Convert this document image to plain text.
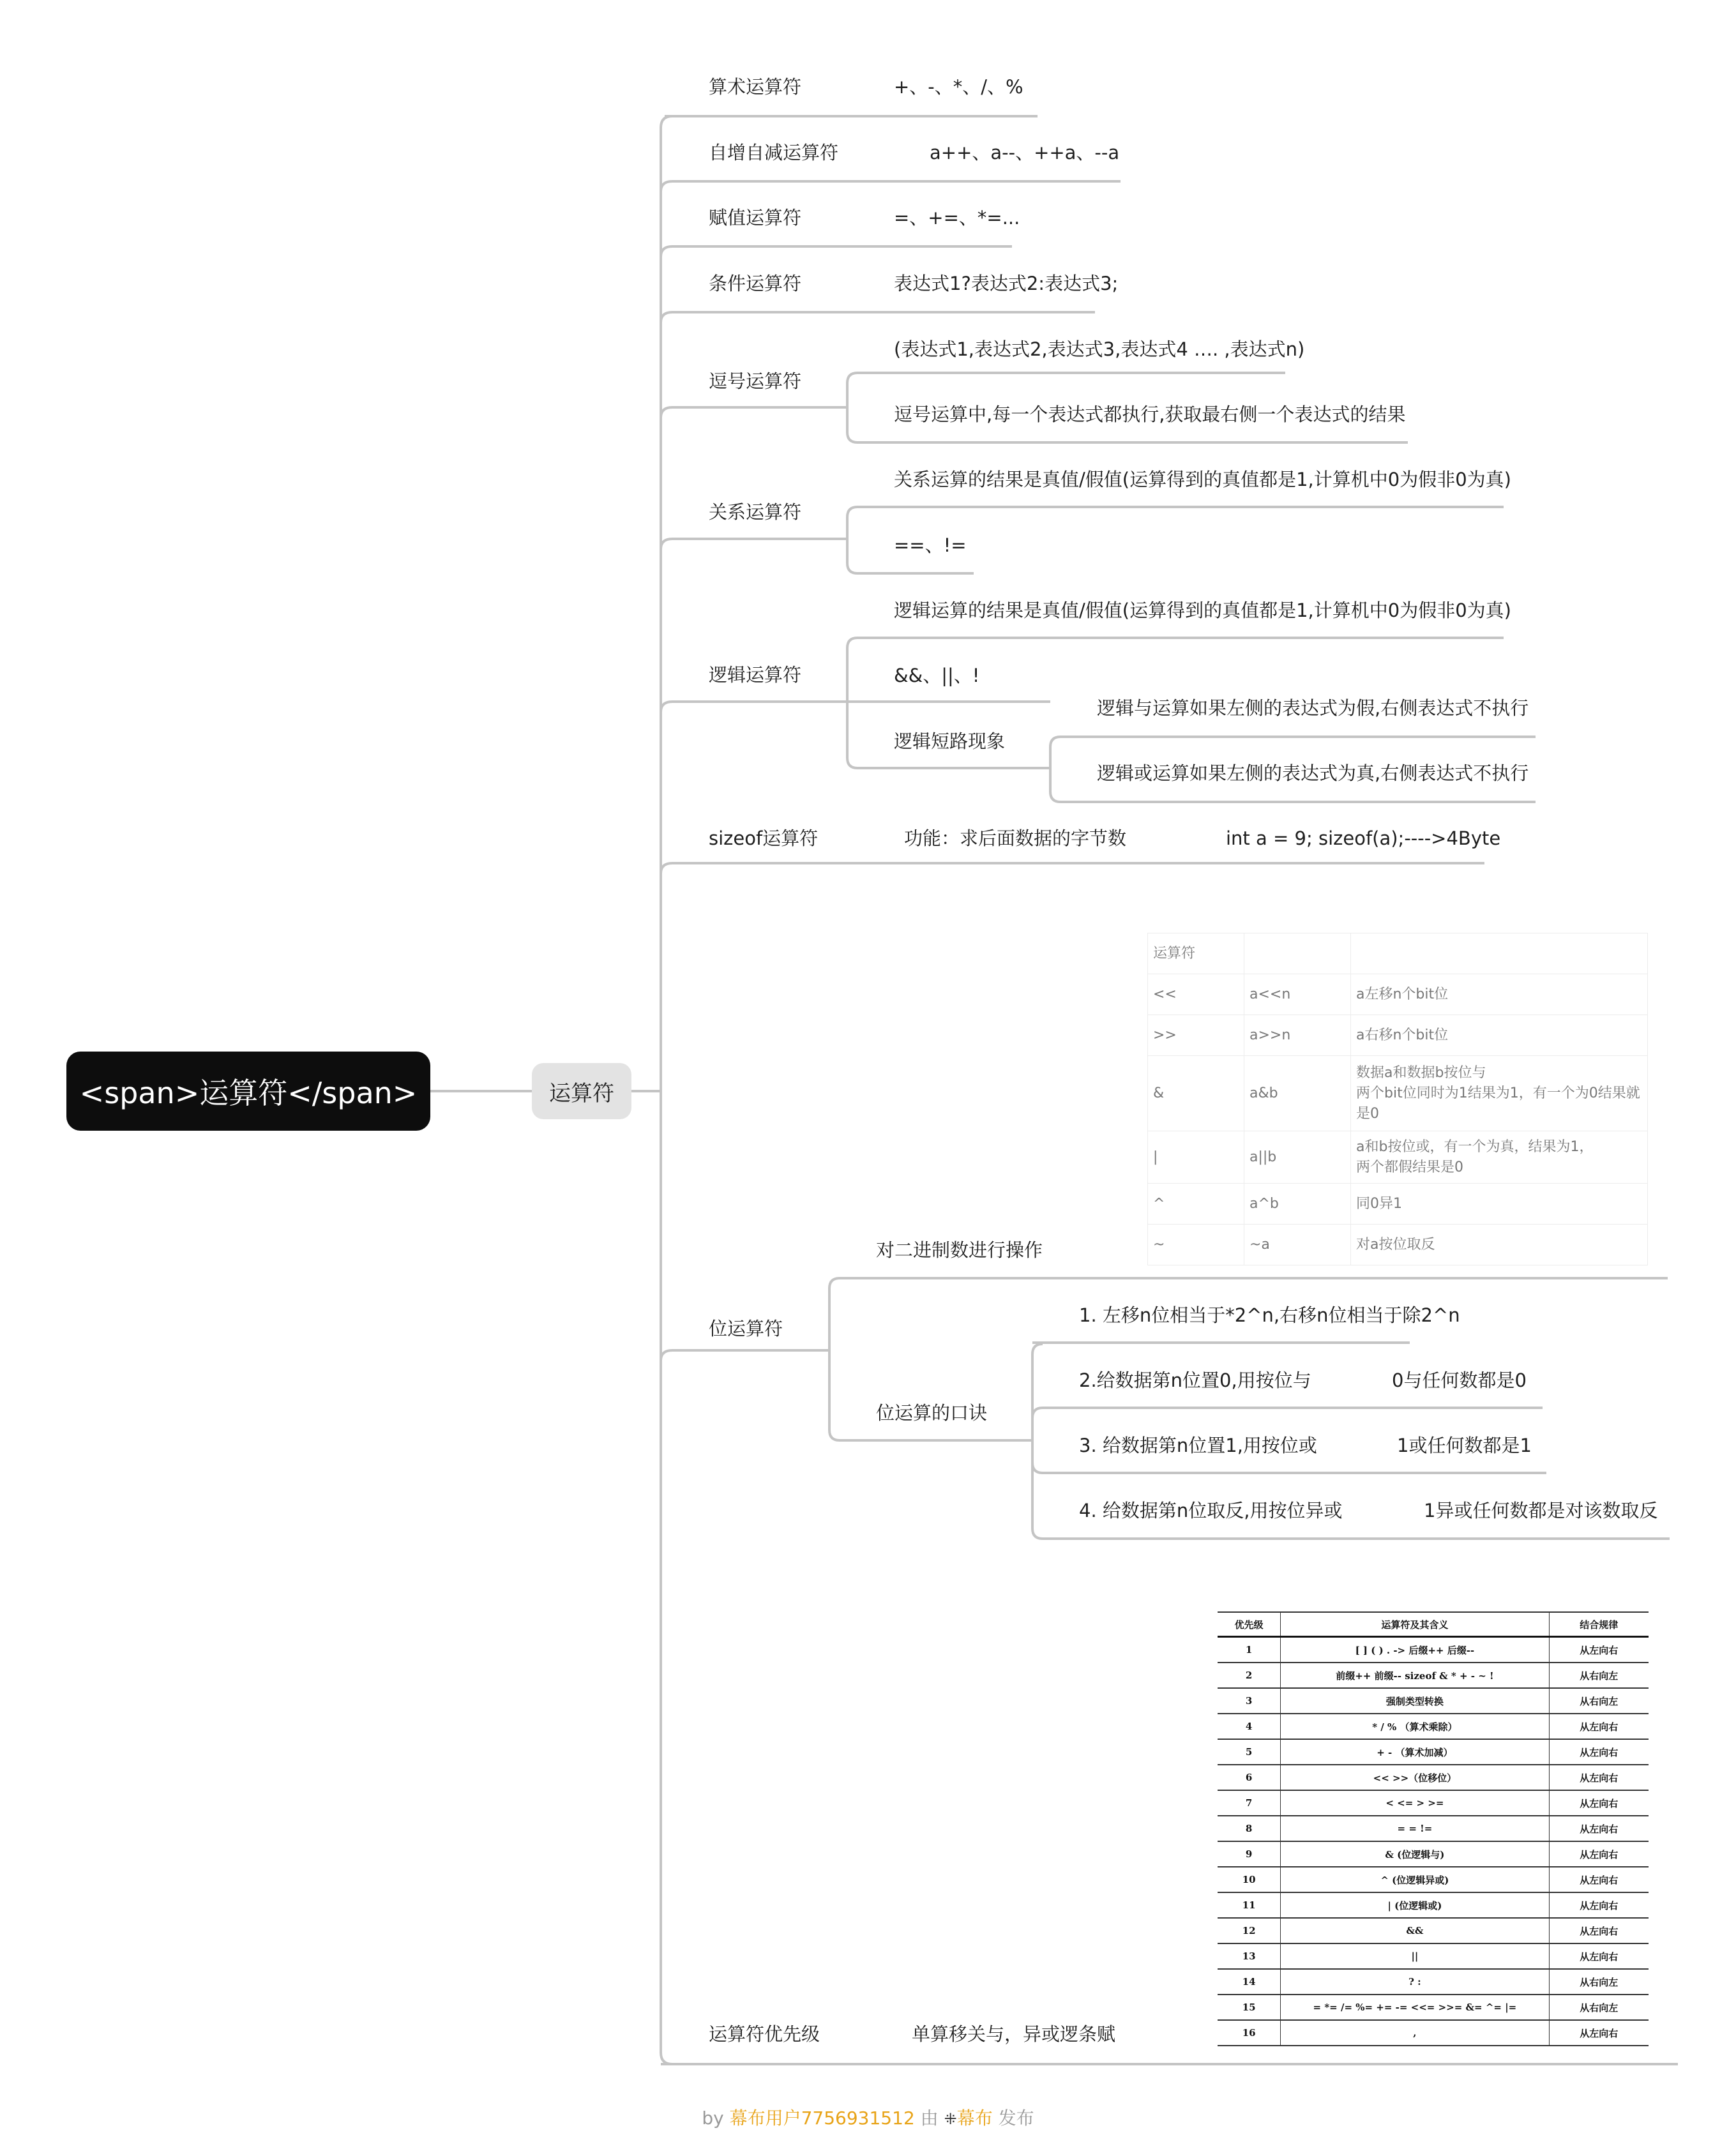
<span>运算符</span>	运算符
算术运算符	+、-、*、/、%
自增自减运算符	a++、a--、++a、--a
赋值运算符	=、+=、*=...
条件运算符	表达式1?表达式2:表达式3;
逗号运算符
(表达式1,表达式2,表达式3,表达式4 …. ,表达式n)
逗号运算中,每一个表达式都执行,获取最右侧一个表达式的结果
关系运算符
关系运算的结果是真值/假值(运算得到的真值都是1,计算机中0为假非0为真)
==、!=
逻辑运算符
逻辑运算的结果是真值/假值(运算得到的真值都是1,计算机中0为假非0为真)
&&、||、!
逻辑短路现象
逻辑与运算如果左侧的表达式为假,右侧表达式不执行
逻辑或运算如果左侧的表达式为真,右侧表达式不执行
sizeof运算符	功能：求后面数据的字节数	int a = 9; sizeof(a);---->4Byte
运算符		
<<	a<<n	a左移n个bit位
>>	a>>n	a右移n个bit位
&	a&b	数据a和数据b按位与
两个bit位同时为1结果为1，有一个为0结果就是0
|	a||b	a和b按位或，有一个为真，结果为1，
两个都假结果是0
^	a^b	同0异1
~	~a	对a按位取反
位运算符
对二进制数进行操作
位运算的口诀
1. 左移n位相当于*2^n,右移n位相当于除2^n
2.给数据第n位置0,用按位与	0与任何数都是0
3. 给数据第n位置1,用按位或	1或任何数都是1
4. 给数据第n位取反,用按位异或	1异或任何数都是对该数取反
优先级	运算符及其含义	结合规律
1	[ ] ( ) . -> 后缀++ 后缀--	从左向右
2	前缀++ 前缀-- sizeof & * + - ~ !	从右向左
3	强制类型转换	从右向左
4	* / % （算术乘除）	从左向右
5	+ - （算术加减）	从左向右
6	<< >>（位移位）	从左向右
7	< <= > >=	从左向右
8	= = !=	从左向右
9	& (位逻辑与)	从左向右
10	^ (位逻辑异或)	从左向右
11	| (位逻辑或)	从左向右
12	&&	从左向右
13	||	从左向右
14	? :	从右向左
15	= *= /= %= += -= <<= >>= &= ^= |=	从右向左
16	,	从左向右
运算符优先级	单算移关与，异或逻条赋
by 幕布用户7756931512 由 ⁜幕布 发布
